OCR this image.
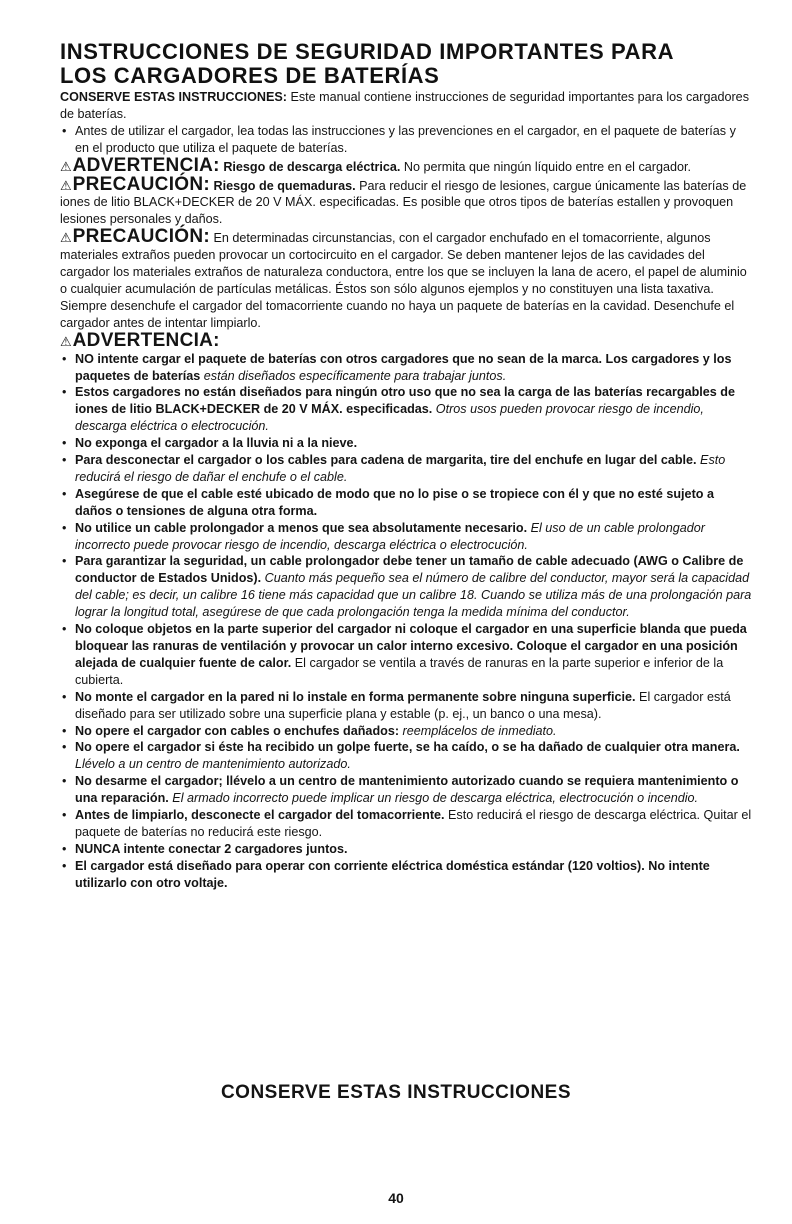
INSTRUCCIONES DE SEGURIDAD IMPORTANTES PARA
LOS CARGADORES DE BATERÍAS

CONSERVE ESTAS INSTRUCCIONES: Este manual contiene instrucciones de seguridad importantes para los cargadores de baterías.

• Antes de utilizar el cargador, lea todas las instrucciones y las prevenciones en el cargador, en el paquete de baterías y en el producto que utiliza el paquete de baterías.

⚠ADVERTENCIA: Riesgo de descarga eléctrica. No permita que ningún líquido entre en el cargador.

⚠PRECAUCIÓN: Riesgo de quemaduras. Para reducir el riesgo de lesiones, cargue únicamente las baterías de iones de litio BLACK+DECKER de 20 V MÁX. especificadas. Es posible que otros tipos de baterías estallen y provoquen lesiones personales y daños.

⚠PRECAUCIÓN: En determinadas circunstancias, con el cargador enchufado en el tomacorriente, algunos materiales extraños pueden provocar un cortocircuito en el cargador. Se deben mantener lejos de las cavidades del cargador los materiales extraños de naturaleza conductora, entre los que se incluyen la lana de acero, el papel de aluminio o cualquier acumulación de partículas metálicas. Éstos son sólo algunos ejemplos y no constituyen una lista taxativa. Siempre desenchufe el cargador del tomacorriente cuando no haya un paquete de baterías en la cavidad. Desenchufe el cargador antes de intentar limpiarlo.

⚠ADVERTENCIA:

• NO intente cargar el paquete de baterías con otros cargadores que no sean de la marca. Los cargadores y los paquetes de baterías están diseñados específicamente para trabajar juntos.
• Estos cargadores no están diseñados para ningún otro uso que no sea la carga de las baterías recargables de iones de litio BLACK+DECKER de 20 V MÁX. especificadas. Otros usos pueden provocar riesgo de incendio, descarga eléctrica o electrocución.
• No exponga el cargador a la lluvia ni a la nieve.
• Para desconectar el cargador o los cables para cadena de margarita, tire del enchufe en lugar del cable. Esto reducirá el riesgo de dañar el enchufe o el cable.
• Asegúrese de que el cable esté ubicado de modo que no lo pise o se tropiece con él y que no esté sujeto a daños o tensiones de alguna otra forma.
• No utilice un cable prolongador a menos que sea absolutamente necesario. El uso de un cable prolongador incorrecto puede provocar riesgo de incendio, descarga eléctrica o electrocución.
• Para garantizar la seguridad, un cable prolongador debe tener un tamaño de cable adecuado (AWG o Calibre de conductor de Estados Unidos). Cuanto más pequeño sea el número de calibre del conductor, mayor será la capacidad del cable; es decir, un calibre 16 tiene más capacidad que un calibre 18. Cuando se utiliza más de una prolongación para lograr la longitud total, asegúrese de que cada prolongación tenga la medida mínima del conductor.
• No coloque objetos en la parte superior del cargador ni coloque el cargador en una superficie blanda que pueda bloquear las ranuras de ventilación y provocar un calor interno excesivo. Coloque el cargador en una posición alejada de cualquier fuente de calor. El cargador se ventila a través de ranuras en la parte superior e inferior de la cubierta.
• No monte el cargador en la pared ni lo instale en forma permanente sobre ninguna superficie. El cargador está diseñado para ser utilizado sobre una superficie plana y estable (p. ej., un banco o una mesa).
• No opere el cargador con cables o enchufes dañados: reemplácelos de inmediato.
• No opere el cargador si éste ha recibido un golpe fuerte, se ha caído, o se ha dañado de cualquier otra manera. Llévelo a un centro de mantenimiento autorizado.
• No desarme el cargador; llévelo a un centro de mantenimiento autorizado cuando se requiera mantenimiento o una reparación. El armado incorrecto puede implicar un riesgo de descarga eléctrica, electrocución o incendio.
• Antes de limpiarlo, desconecte el cargador del tomacorriente. Esto reducirá el riesgo de descarga eléctrica. Quitar el paquete de baterías no reducirá este riesgo.
• NUNCA intente conectar 2 cargadores juntos.
• El cargador está diseñado para operar con corriente eléctrica doméstica estándar (120 voltios). No intente utilizarlo con otro voltaje.
CONSERVE ESTAS INSTRUCCIONES
40
